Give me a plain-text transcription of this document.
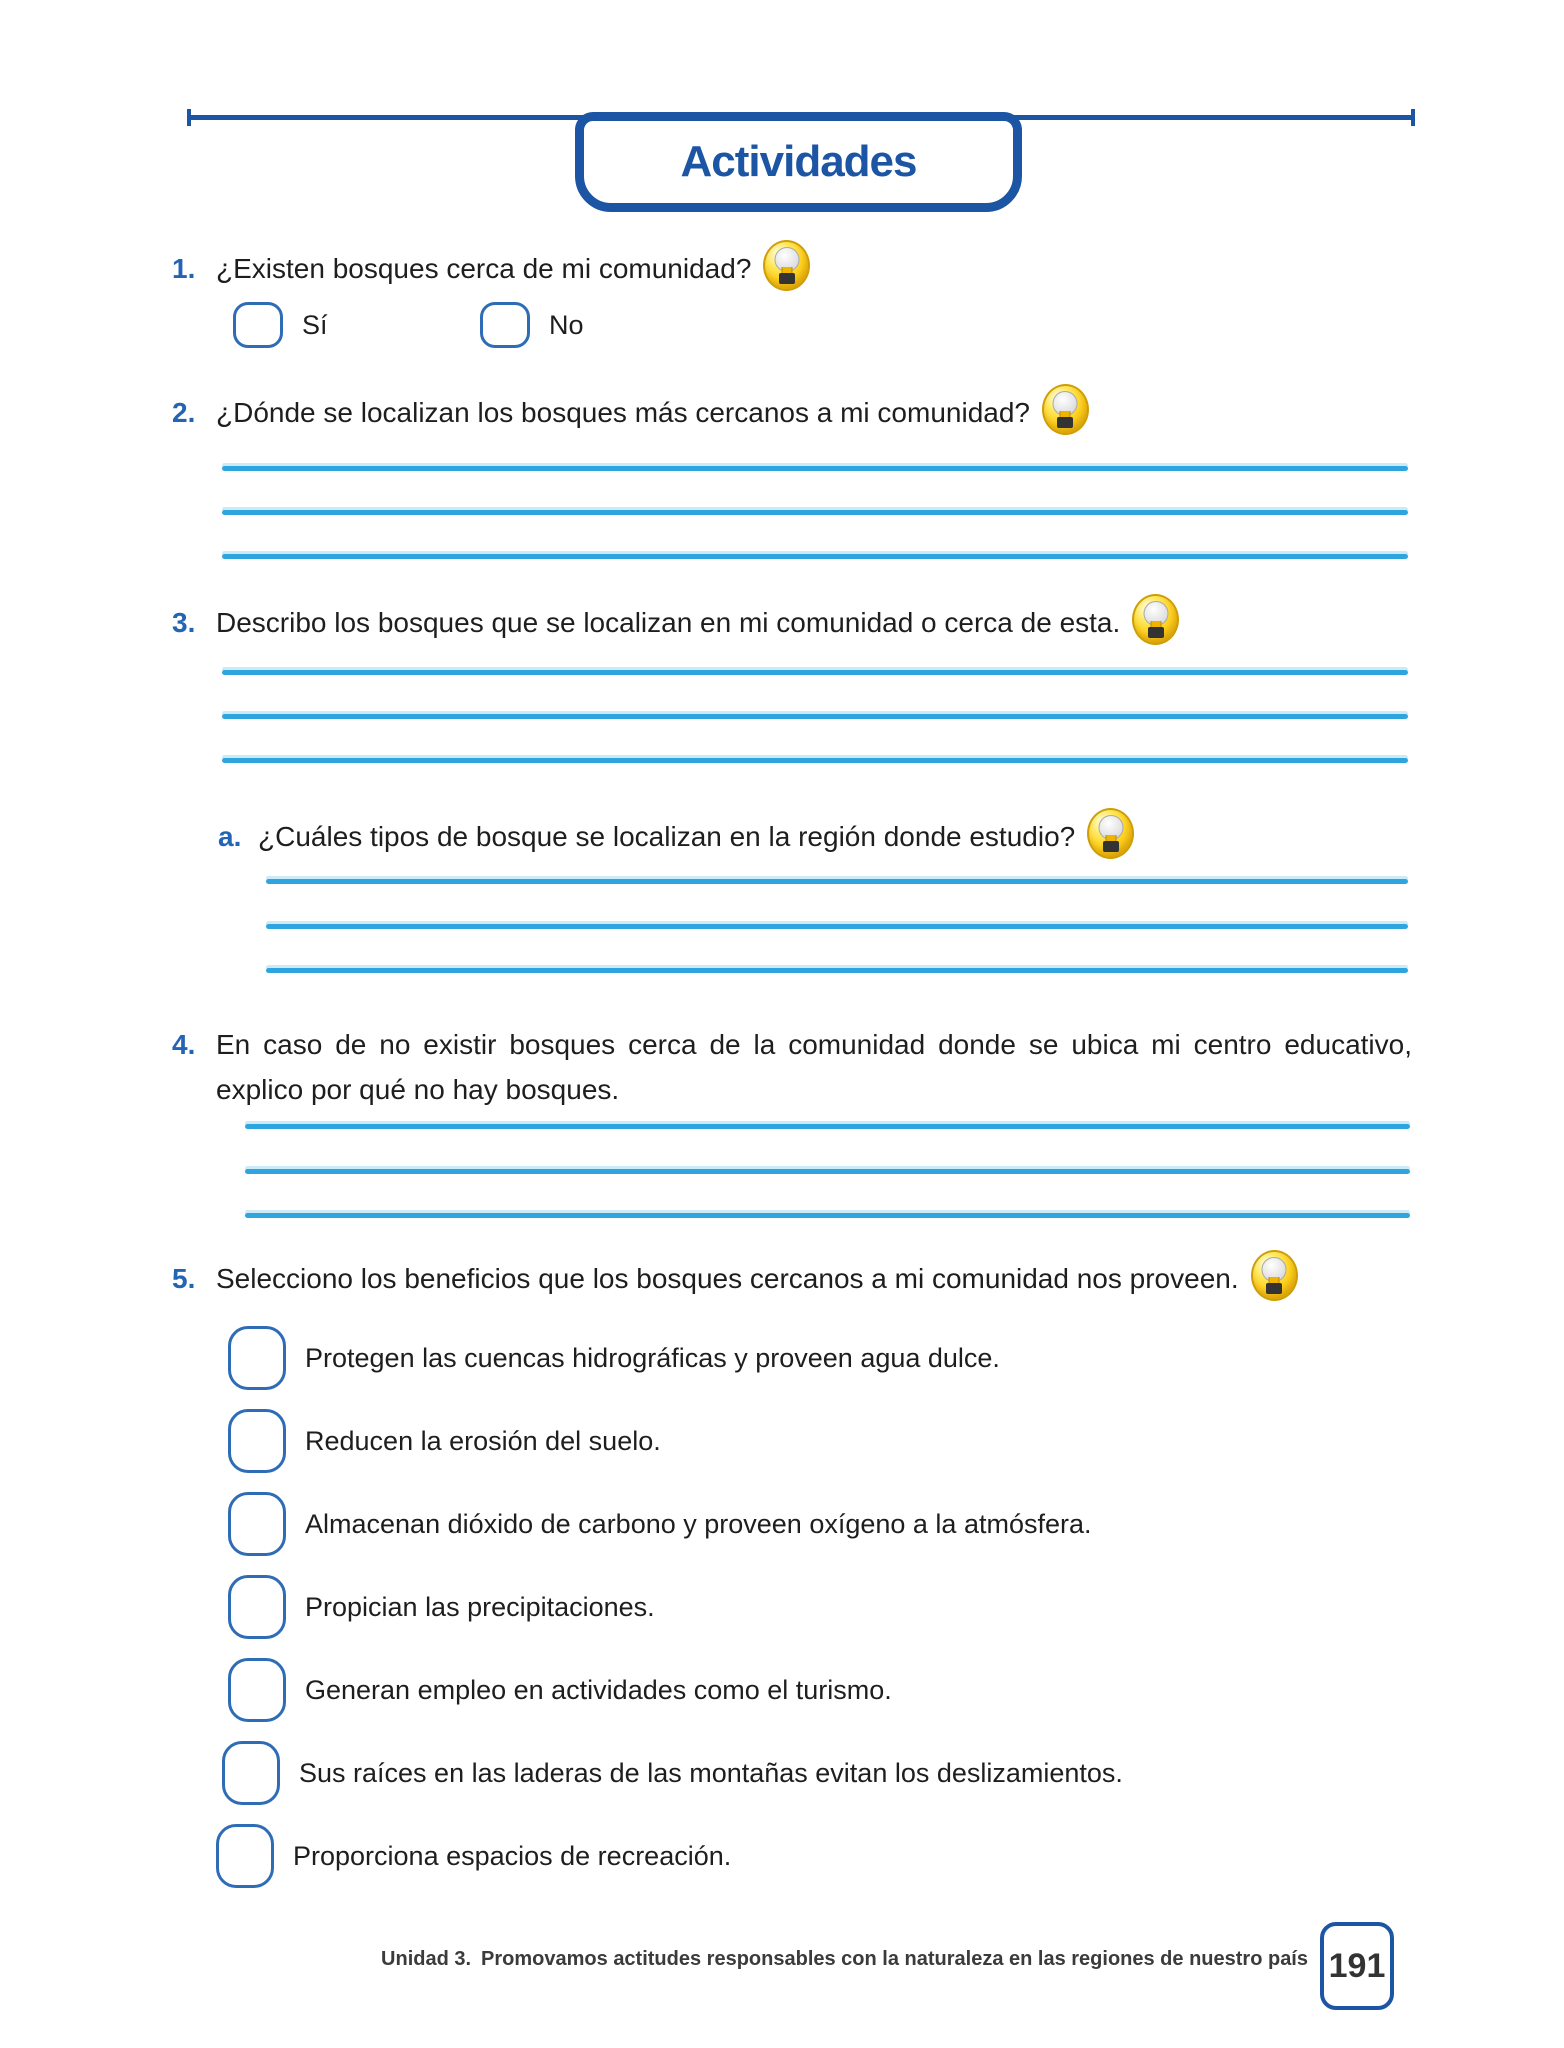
Actividades
1. ¿Existen bosques cerca de mi comunidad?
Sí	No
2. ¿Dónde se localizan los bosques más cercanos a mi comunidad?
3. Describo los bosques que se localizan en mi comunidad o cerca de esta.
a. ¿Cuáles tipos de bosque se localizan en la región donde estudio?
4. En caso de no existir bosques cerca de la comunidad donde se ubica mi centro educativo,
explico por qué no hay bosques.
5. Selecciono los beneficios que los bosques cercanos a mi comunidad nos proveen.
Protegen las cuencas hidrográficas y proveen agua dulce.
Reducen la erosión del suelo.
Almacenan dióxido de carbono y proveen oxígeno a la atmósfera.
Propician las precipitaciones.
Generan empleo en actividades como el turismo.
Sus raíces en las laderas de las montañas evitan los deslizamientos.
Proporciona espacios de recreación.
Unidad 3. Promovamos actitudes responsables con la naturaleza en las regiones de nuestro país 191
